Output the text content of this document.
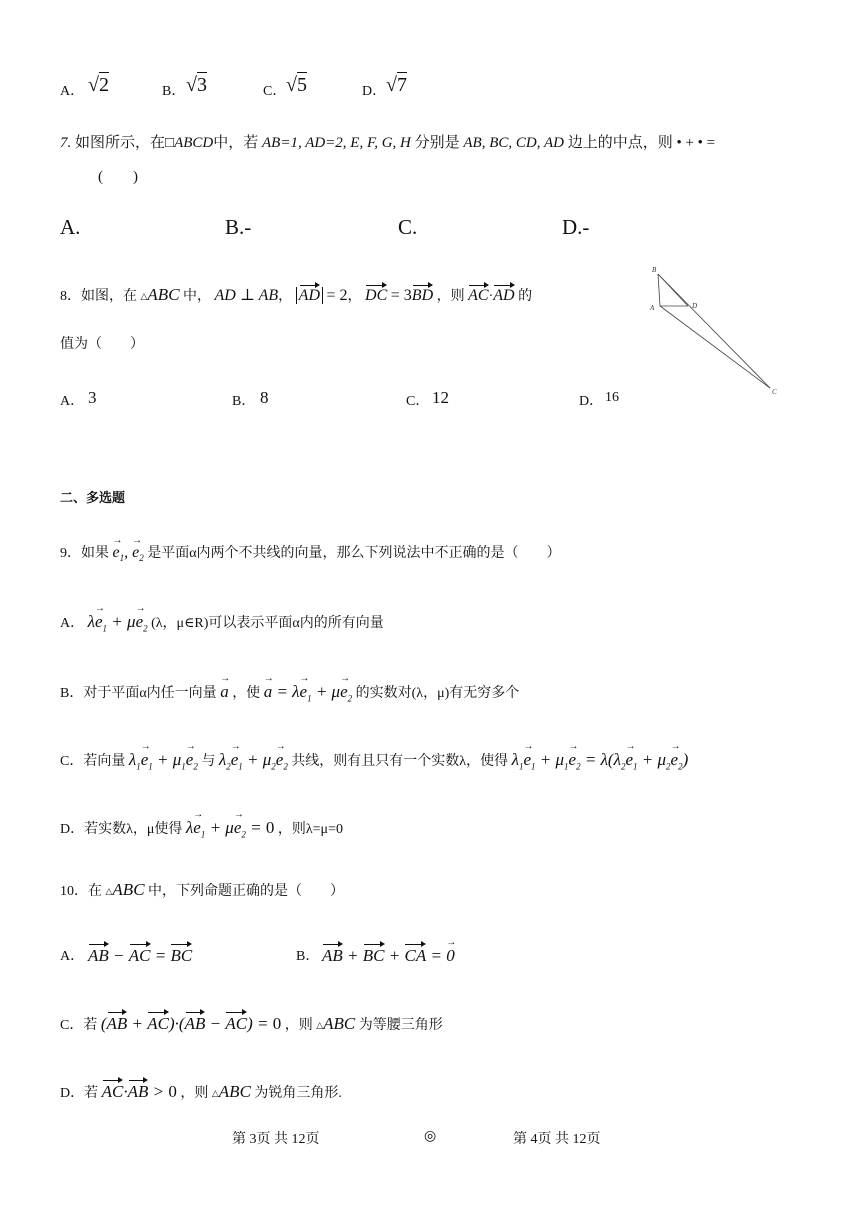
A． √2	B． √3	C． √5	D． √7
7. 如图所示，在□ABCD中，若 AB=1, AD=2, E, F, G, H 分别是 AB, BC, CD, AD 边上的中点，则 • + • =
(　　)
A.	B.-	C.	D.-
8．如图，在 △ABC 中， AD ⊥ AB， AD = 2， DC = 3BD ，则 AC·AD 的
值为（　　）
A． 3	B． 8	C． 12	D． 16
B
A	D
C
二、多选题
9．如果
→
$e_1$,
→
$e_2$ 是平面α内两个不共线的向量，那么下列说法中不正确的是（　　）
A． λ
→
$e_1 + \mu$
→
$e_2$ (λ，μ∈R)可以表示平面α内的所有向量
B．对于平面α内任一向量
→
a ，使
→
a = λ
→
$e_1 + \mu$
→
$e_2$ 的实数对(λ，μ)有无穷多个
C．若向量 $\lambda_1$
→
$e_1 + \mu_1$
→
$e_2$ 与 $\lambda_2$
→
$e_1 + \mu_2$
→
$e_2$ 共线，则有且只有一个实数λ，使得 $\lambda_1$
→
$e_1 + \mu_1$
→
$e_2 = \lambda(\lambda_2$
→
$e_1 + \mu_2$
→
$e_2$)
D．若实数λ，μ使得 λ
→
$e_1 + \mu$
→
$e_2 = 0$ ，则λ=μ=0
10．在 △ABC 中，下列命题正确的是（　　）
A． AB − AC = BC	B． AB + BC + CA =
→
0
C．若 (AB + AC)·(AB − AC) = 0 ，则 △ABC 为等腰三角形
D．若 AC·AB > 0 ，则 △ABC 为锐角三角形.
第 3页 共 12页	◎	第 4页 共 12页
